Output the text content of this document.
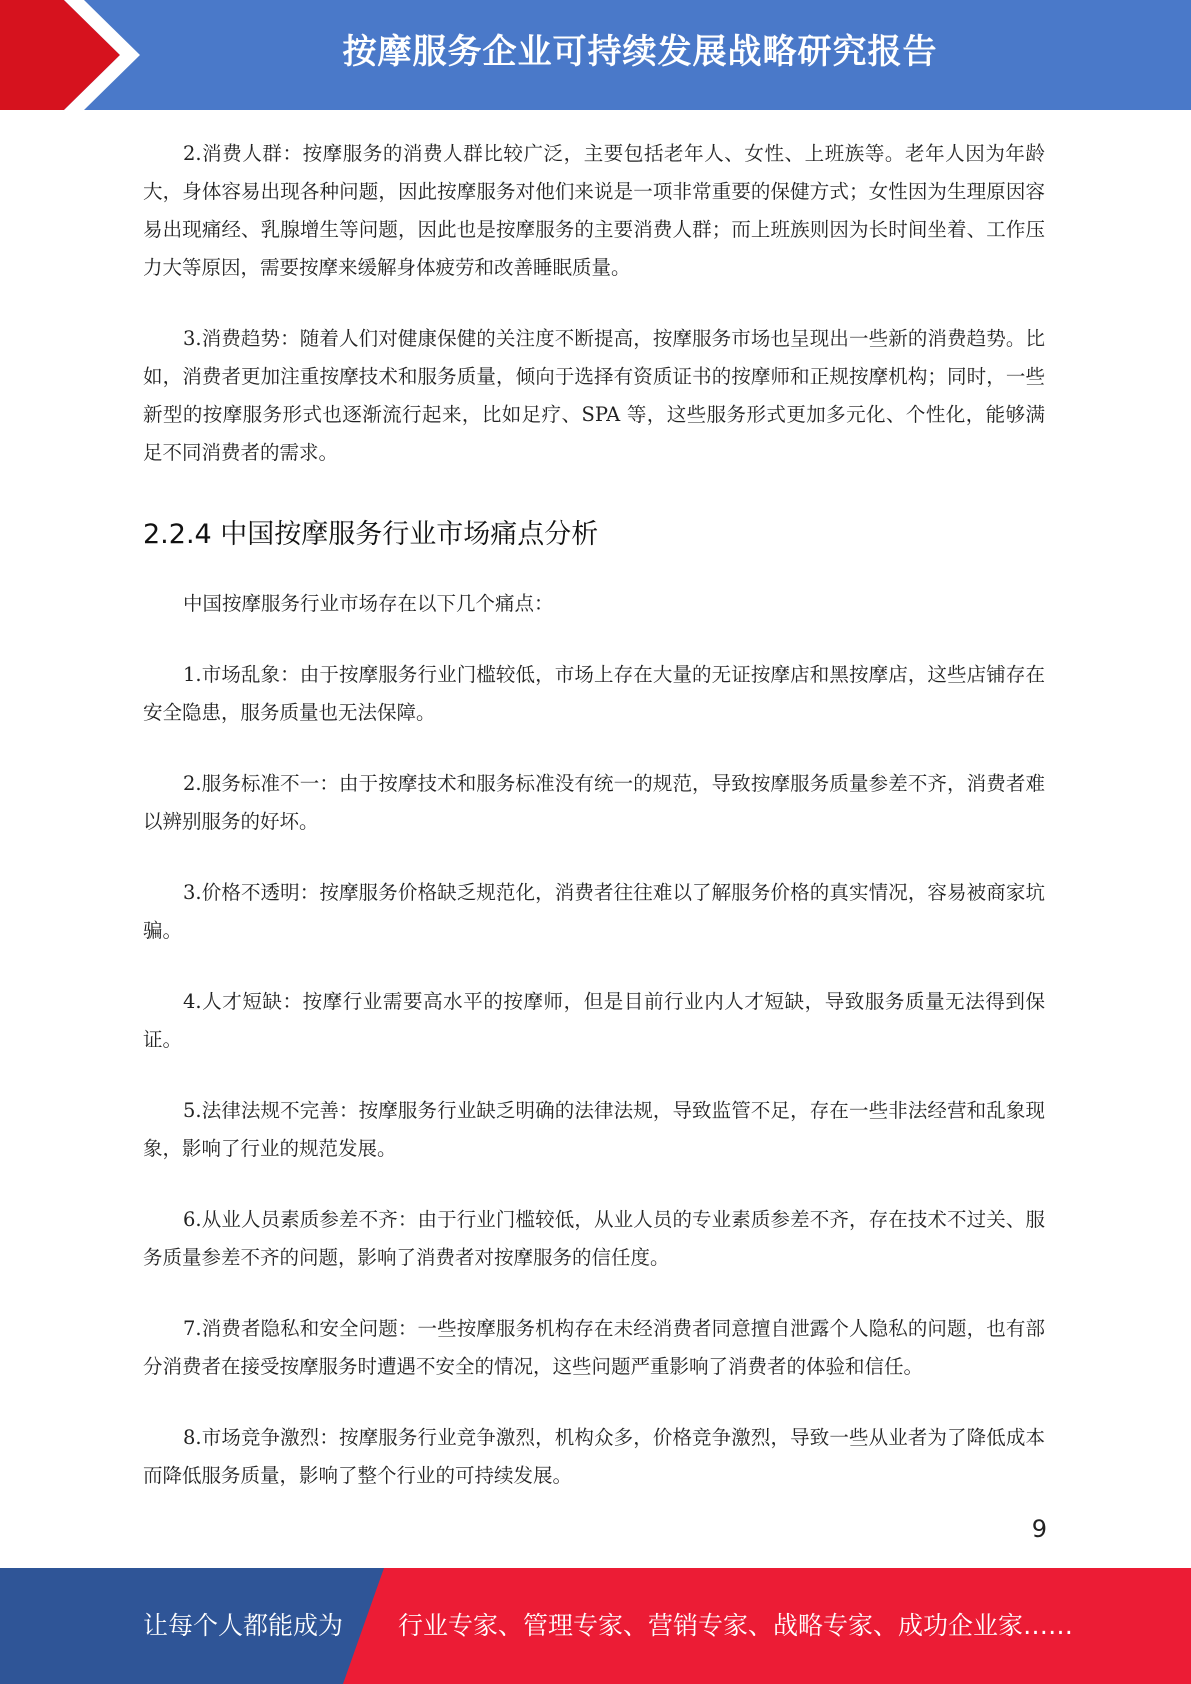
按摩服务企业可持续发展战略研究报告

2.消费人群：按摩服务的消费人群比较广泛，主要包括老年人、女性、上班族等。老年人因为年龄大，身体容易出现各种问题，因此按摩服务对他们来说是一项非常重要的保健方式；女性因为生理原因容易出现痛经、乳腺增生等问题，因此也是按摩服务的主要消费人群；而上班族则因为长时间坐着、工作压力大等原因，需要按摩来缓解身体疲劳和改善睡眠质量。

3.消费趋势：随着人们对健康保健的关注度不断提高，按摩服务市场也呈现出一些新的消费趋势。比如，消费者更加注重按摩技术和服务质量，倾向于选择有资质证书的按摩师和正规按摩机构；同时，一些新型的按摩服务形式也逐渐流行起来，比如足疗、SPA 等，这些服务形式更加多元化、个性化，能够满足不同消费者的需求。

2.2.4 中国按摩服务行业市场痛点分析

中国按摩服务行业市场存在以下几个痛点：

1.市场乱象：由于按摩服务行业门槛较低，市场上存在大量的无证按摩店和黑按摩店，这些店铺存在安全隐患，服务质量也无法保障。

2.服务标准不一：由于按摩技术和服务标准没有统一的规范，导致按摩服务质量参差不齐，消费者难以辨别服务的好坏。

3.价格不透明：按摩服务价格缺乏规范化，消费者往往难以了解服务价格的真实情况，容易被商家坑骗。

4.人才短缺：按摩行业需要高水平的按摩师，但是目前行业内人才短缺，导致服务质量无法得到保证。

5.法律法规不完善：按摩服务行业缺乏明确的法律法规，导致监管不足，存在一些非法经营和乱象现象，影响了行业的规范发展。

6.从业人员素质参差不齐：由于行业门槛较低，从业人员的专业素质参差不齐，存在技术不过关、服务质量参差不齐的问题，影响了消费者对按摩服务的信任度。

7.消费者隐私和安全问题：一些按摩服务机构存在未经消费者同意擅自泄露个人隐私的问题，也有部分消费者在接受按摩服务时遭遇不安全的情况，这些问题严重影响了消费者的体验和信任。

8.市场竞争激烈：按摩服务行业竞争激烈，机构众多，价格竞争激烈，导致一些从业者为了降低成本而降低服务质量，影响了整个行业的可持续发展。

9
让每个人都能成为 行业专家、管理专家、营销专家、战略专家、成功企业家……
